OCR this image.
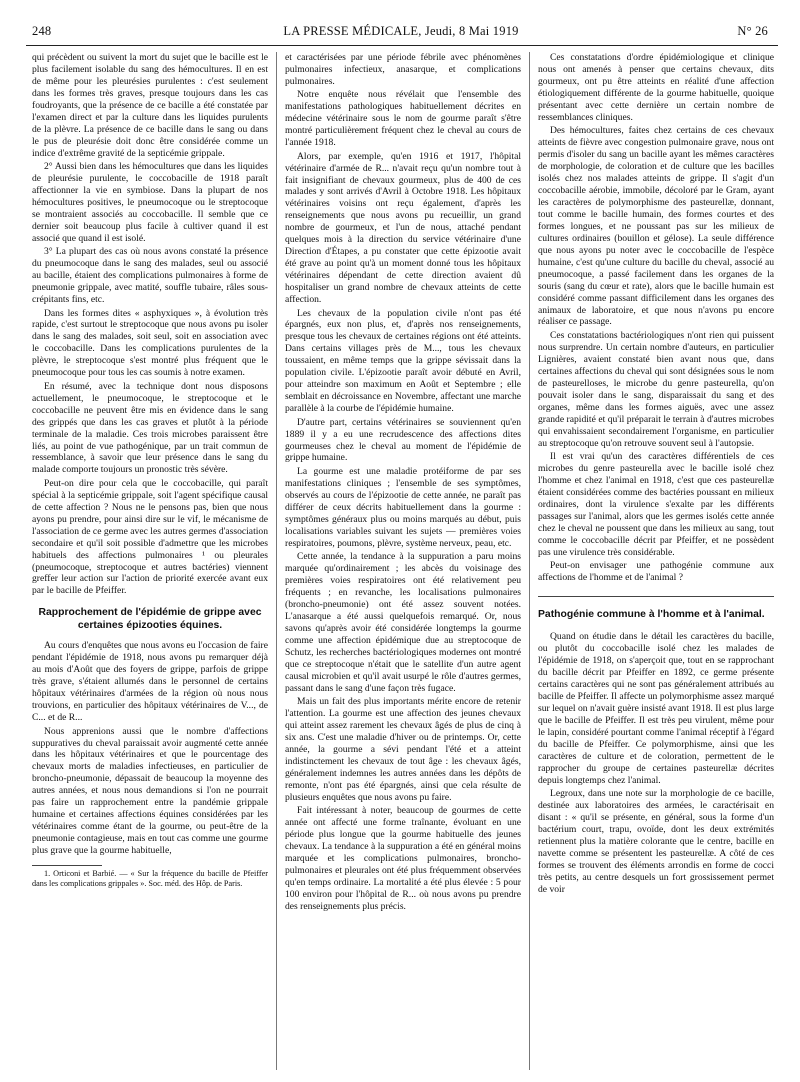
248	LA PRESSE MÉDICALE, Jeudi, 8 Mai 1919	N° 26

qui précèdent ou suivent la mort du sujet que le bacille est le plus facilement isolable du sang des hémocultures. Il en est de même pour les pleurésies purulentes : c'est seulement dans les formes très graves, presque toujours dans les cas foudroyants, que la présence de ce bacille a été constatée par l'examen direct et par la culture dans les liquides purulents de la plèvre. La présence de ce bacille dans le sang ou dans le pus de pleurésie doit donc être considérée comme un indice d'extrême gravité de la septicémie grippale.

2° Aussi bien dans les hémocultures que dans les liquides de pleurésie purulente, le coccobacille de 1918 paraît affectionner la vie en symbiose. Dans la plupart de nos hémocultures positives, le pneumocoque ou le streptocoque se montraient associés au coccobacille. Il semble que ce dernier soit beaucoup plus facile à cultiver quand il est associé que quand il est isolé.

3° La plupart des cas où nous avons constaté la présence du pneumocoque dans le sang des malades, seul ou associé au bacille, étaient des complications pulmonaires à forme de pneumonie grippale, avec matité, souffle tubaire, râles sous-crépitants fins, etc.

Dans les formes dites « asphyxiques », à évolution très rapide, c'est surtout le streptocoque que nous avons pu isoler dans le sang des malades, soit seul, soit en association avec le coccobacille. Dans les complications purulentes de la plèvre, le streptocoque s'est montré plus fréquent que le pneumocoque pour tous les cas soumis à notre examen.

En résumé, avec la technique dont nous disposons actuellement, le pneumocoque, le streptocoque et le coccobacille ne peuvent être mis en évidence dans le sang des grippés que dans les cas graves et plutôt à la période terminale de la maladie. Ces trois microbes paraissent être liés, au point de vue pathogénique, par un trait commun de ressemblance, à savoir que leur présence dans le sang du malade comporte toujours un pronostic très sévère.

Peut-on dire pour cela que le coccobacille, qui paraît spécial à la septicémie grippale, soit l'agent spécifique causal de cette affection ? Nous ne le pensons pas, bien que nous ayons pu prendre, pour ainsi dire sur le vif, le mécanisme de l'association de ce germe avec les autres germes d'association secondaire et qu'il soit possible d'admettre que les microbes habituels des affections pulmonaires ¹ ou pleurales (pneumocoque, streptocoque et autres bactéries) viennent greffer leur action sur l'action de priorité exercée avant eux par le bacille de Pfeiffer.

Rapprochement de l'épidémie de grippe avec certaines épizooties équines.

Au cours d'enquêtes que nous avons eu l'occasion de faire pendant l'épidémie de 1918, nous avons pu remarquer déjà au mois d'Août que des foyers de grippe, parfois de grippe très grave, s'étaient allumés dans le personnel de certains hôpitaux vétérinaires d'armées de la région où nous nous trouvions, en particulier des hôpitaux vétérinaires de V..., de C... et de R...

Nous apprenions aussi que le nombre d'affections suppuratives du cheval paraissait avoir augmenté cette année dans les hôpitaux vétérinaires et que le pourcentage des chevaux morts de maladies infectieuses, en particulier de broncho-pneumonie, dépassait de beaucoup la moyenne des autres années, et nous nous demandions si l'on ne pourrait pas faire un rapprochement entre la pandémie grippale humaine et certaines affections équines considérées par les vétérinaires comme étant de la gourme, ou peut-être de la pneumonie contagieuse, mais en tout cas comme une gourme plus grave que la gourme habituelle,

1. Orticoni et Barbié. — « Sur la fréquence du bacille de Pfeiffer dans les complications grippales ». Soc. méd. des Hôp. de Paris.

et caractérisées par une période fébrile avec phénomènes pulmonaires infectieux, anasarque, et complications pulmonaires.

Notre enquête nous révélait que l'ensemble des manifestations pathologiques habituellement décrites en médecine vétérinaire sous le nom de gourme paraît s'être montré particulièrement fréquent chez le cheval au cours de l'année 1918.

Alors, par exemple, qu'en 1916 et 1917, l'hôpital vétérinaire d'armée de R... n'avait reçu qu'un nombre tout à fait insignifiant de chevaux gourmeux, plus de 400 de ces malades y sont arrivés d'Avril à Octobre 1918. Les hôpitaux vétérinaires voisins ont reçu également, d'après les renseignements que nous avons pu recueillir, un grand nombre de gourmeux, et l'un de nous, attaché pendant quelques mois à la direction du service vétérinaire d'une Direction d'Étapes, a pu constater que cette épizootie avait été grave au point qu'à un moment donné tous les hôpitaux vétérinaires dépendant de cette direction avaient dû hospitaliser un grand nombre de chevaux atteints de cette affection.

Les chevaux de la population civile n'ont pas été épargnés, eux non plus, et, d'après nos renseignements, presque tous les chevaux de certaines régions ont été atteints. Dans certains villages près de M..., tous les chevaux toussaient, en même temps que la grippe sévissait dans la population civile. L'épizootie paraît avoir débuté en Avril, pour atteindre son maximum en Août et Septembre ; elle semblait en décroissance en Novembre, affectant une marche parallèle à la courbe de l'épidémie humaine.

D'autre part, certains vétérinaires se souviennent qu'en 1889 il y a eu une recrudescence des affections dites gourmeuses chez le cheval au moment de l'épidémie de grippe humaine.

La gourme est une maladie protéiforme de par ses manifestations cliniques ; l'ensemble de ses symptômes, observés au cours de l'épizootie de cette année, ne paraît pas différer de ceux décrits habituellement dans la gourme : symptômes généraux plus ou moins marqués au début, puis localisations variables suivant les sujets — premières voies respiratoires, poumons, plèvre, système nerveux, peau, etc.

Cette année, la tendance à la suppuration a paru moins marquée qu'ordinairement ; les abcès du voisinage des premières voies respiratoires ont été relativement peu fréquents ; en revanche, les localisations pulmonaires (broncho-pneumonie) ont été assez souvent notées. L'anasarque a été aussi quelquefois remarqué. Or, nous savons qu'après avoir été considérée longtemps la gourme comme une affection épidémique due au streptocoque de Schutz, les recherches bactériologiques modernes ont montré que ce streptocoque n'était que le satellite d'un autre agent causal microbien et qu'il avait usurpé le rôle d'autres germes, passant dans le sang d'une façon très fugace.

Mais un fait des plus importants mérite encore de retenir l'attention. La gourme est une affection des jeunes chevaux qui atteint assez rarement les chevaux âgés de plus de cinq à six ans. C'est une maladie d'hiver ou de printemps. Or, cette année, la gourme a sévi pendant l'été et a atteint indistinctement les chevaux de tout âge : les chevaux âgés, généralement indemnes les autres années dans les dépôts de remonte, n'ont pas été épargnés, ainsi que cela résulte de plusieurs enquêtes que nous avons pu faire.

Fait intéressant à noter, beaucoup de gourmes de cette année ont affecté une forme traînante, évoluant en une période plus longue que la gourme habituelle des jeunes chevaux. La tendance à la suppuration a été en général moins marquée et les complications pulmonaires, broncho-pulmonaires et pleurales ont été plus fréquemment observées qu'en temps ordinaire. La mortalité a été plus élevée : 5 pour 100 environ pour l'hôpital de R... où nous avons pu prendre des renseignements plus précis.

Ces constatations d'ordre épidémiologique et clinique nous ont amenés à penser que certains chevaux, dits gourmeux, ont pu être atteints en réalité d'une affection étiologiquement différente de la gourme habituelle, quoique présentant avec cette dernière un certain nombre de ressemblances cliniques.

Des hémocultures, faites chez certains de ces chevaux atteints de fièvre avec congestion pulmonaire grave, nous ont permis d'isoler du sang un bacille ayant les mêmes caractères de morphologie, de coloration et de culture que les bacilles isolés chez nos malades atteints de grippe. Il s'agit d'un coccobacille aérobie, immobile, décoloré par le Gram, ayant les caractères de polymorphisme des pasteurellæ, donnant, tout comme le bacille humain, des formes courtes et des formes longues, et ne poussant pas sur les milieux de cultures ordinaires (bouillon et gélose). La seule différence que nous ayons pu noter avec le coccobacille de l'espèce humaine, c'est qu'une culture du bacille du cheval, associé au pneumocoque, a passé facilement dans les organes de la souris (sang du cœur et rate), alors que le bacille humain est considéré comme passant difficilement dans les organes des animaux de laboratoire, et que nous n'avons pu encore réaliser ce passage.

Ces constatations bactériologiques n'ont rien qui puissent nous surprendre. Un certain nombre d'auteurs, en particulier Lignières, avaient constaté bien avant nous que, dans certaines affections du cheval qui sont désignées sous le nom de pasteurelloses, le microbe du genre pasteurella, qu'on pouvait isoler dans le sang, disparaissait du sang et des organes, même dans les formes aiguës, avec une assez grande rapidité et qu'il préparait le terrain à d'autres microbes qui envahissaient secondairement l'organisme, en particulier au streptocoque qu'on retrouve souvent seul à l'autopsie.

Il est vrai qu'un des caractères différentiels de ces microbes du genre pasteurella avec le bacille isolé chez l'homme et chez l'animal en 1918, c'est que ces pasteurellæ étaient considérées comme des bactéries poussant en milieux ordinaires, dont la virulence s'exalte par les différents passages sur l'animal, alors que les germes isolés cette année chez le cheval ne poussent que dans les milieux au sang, tout comme le coccobacille décrit par Pfeiffer, et ne possèdent pas une virulence très considérable.

Peut-on envisager une pathogénie commune aux affections de l'homme et de l'animal ?

Pathogénie commune à l'homme et à l'animal.

Quand on étudie dans le détail les caractères du bacille, ou plutôt du coccobacille isolé chez les malades de l'épidémie de 1918, on s'aperçoit que, tout en se rapprochant du bacille décrit par Pfeiffer en 1892, ce germe présente certains caractères qui ne sont pas généralement attribués au bacille de Pfeiffer. Il affecte un polymorphisme assez marqué sur lequel on n'avait guère insisté avant 1918. Il est plus large que le bacille de Pfeiffer. Il est très peu virulent, même pour le lapin, considéré pourtant comme l'animal réceptif à l'égard du bacille de Pfeiffer. Ce polymorphisme, ainsi que les caractères de culture et de coloration, permettent de le rapprocher du groupe de certaines pasteurellæ décrites depuis longtemps chez l'animal.

Legroux, dans une note sur la morphologie de ce bacille, destinée aux laboratoires des armées, le caractérisait en disant : « qu'il se présente, en général, sous la forme d'un bactérium court, trapu, ovoïde, dont les deux extrémités retiennent plus la matière colorante que le centre, bacille en navette comme se présentent les pasteurellæ. A côté de ces formes se trouvent des éléments arrondis en forme de cocci très petits, au centre desquels un fort grossissement permet de voir
